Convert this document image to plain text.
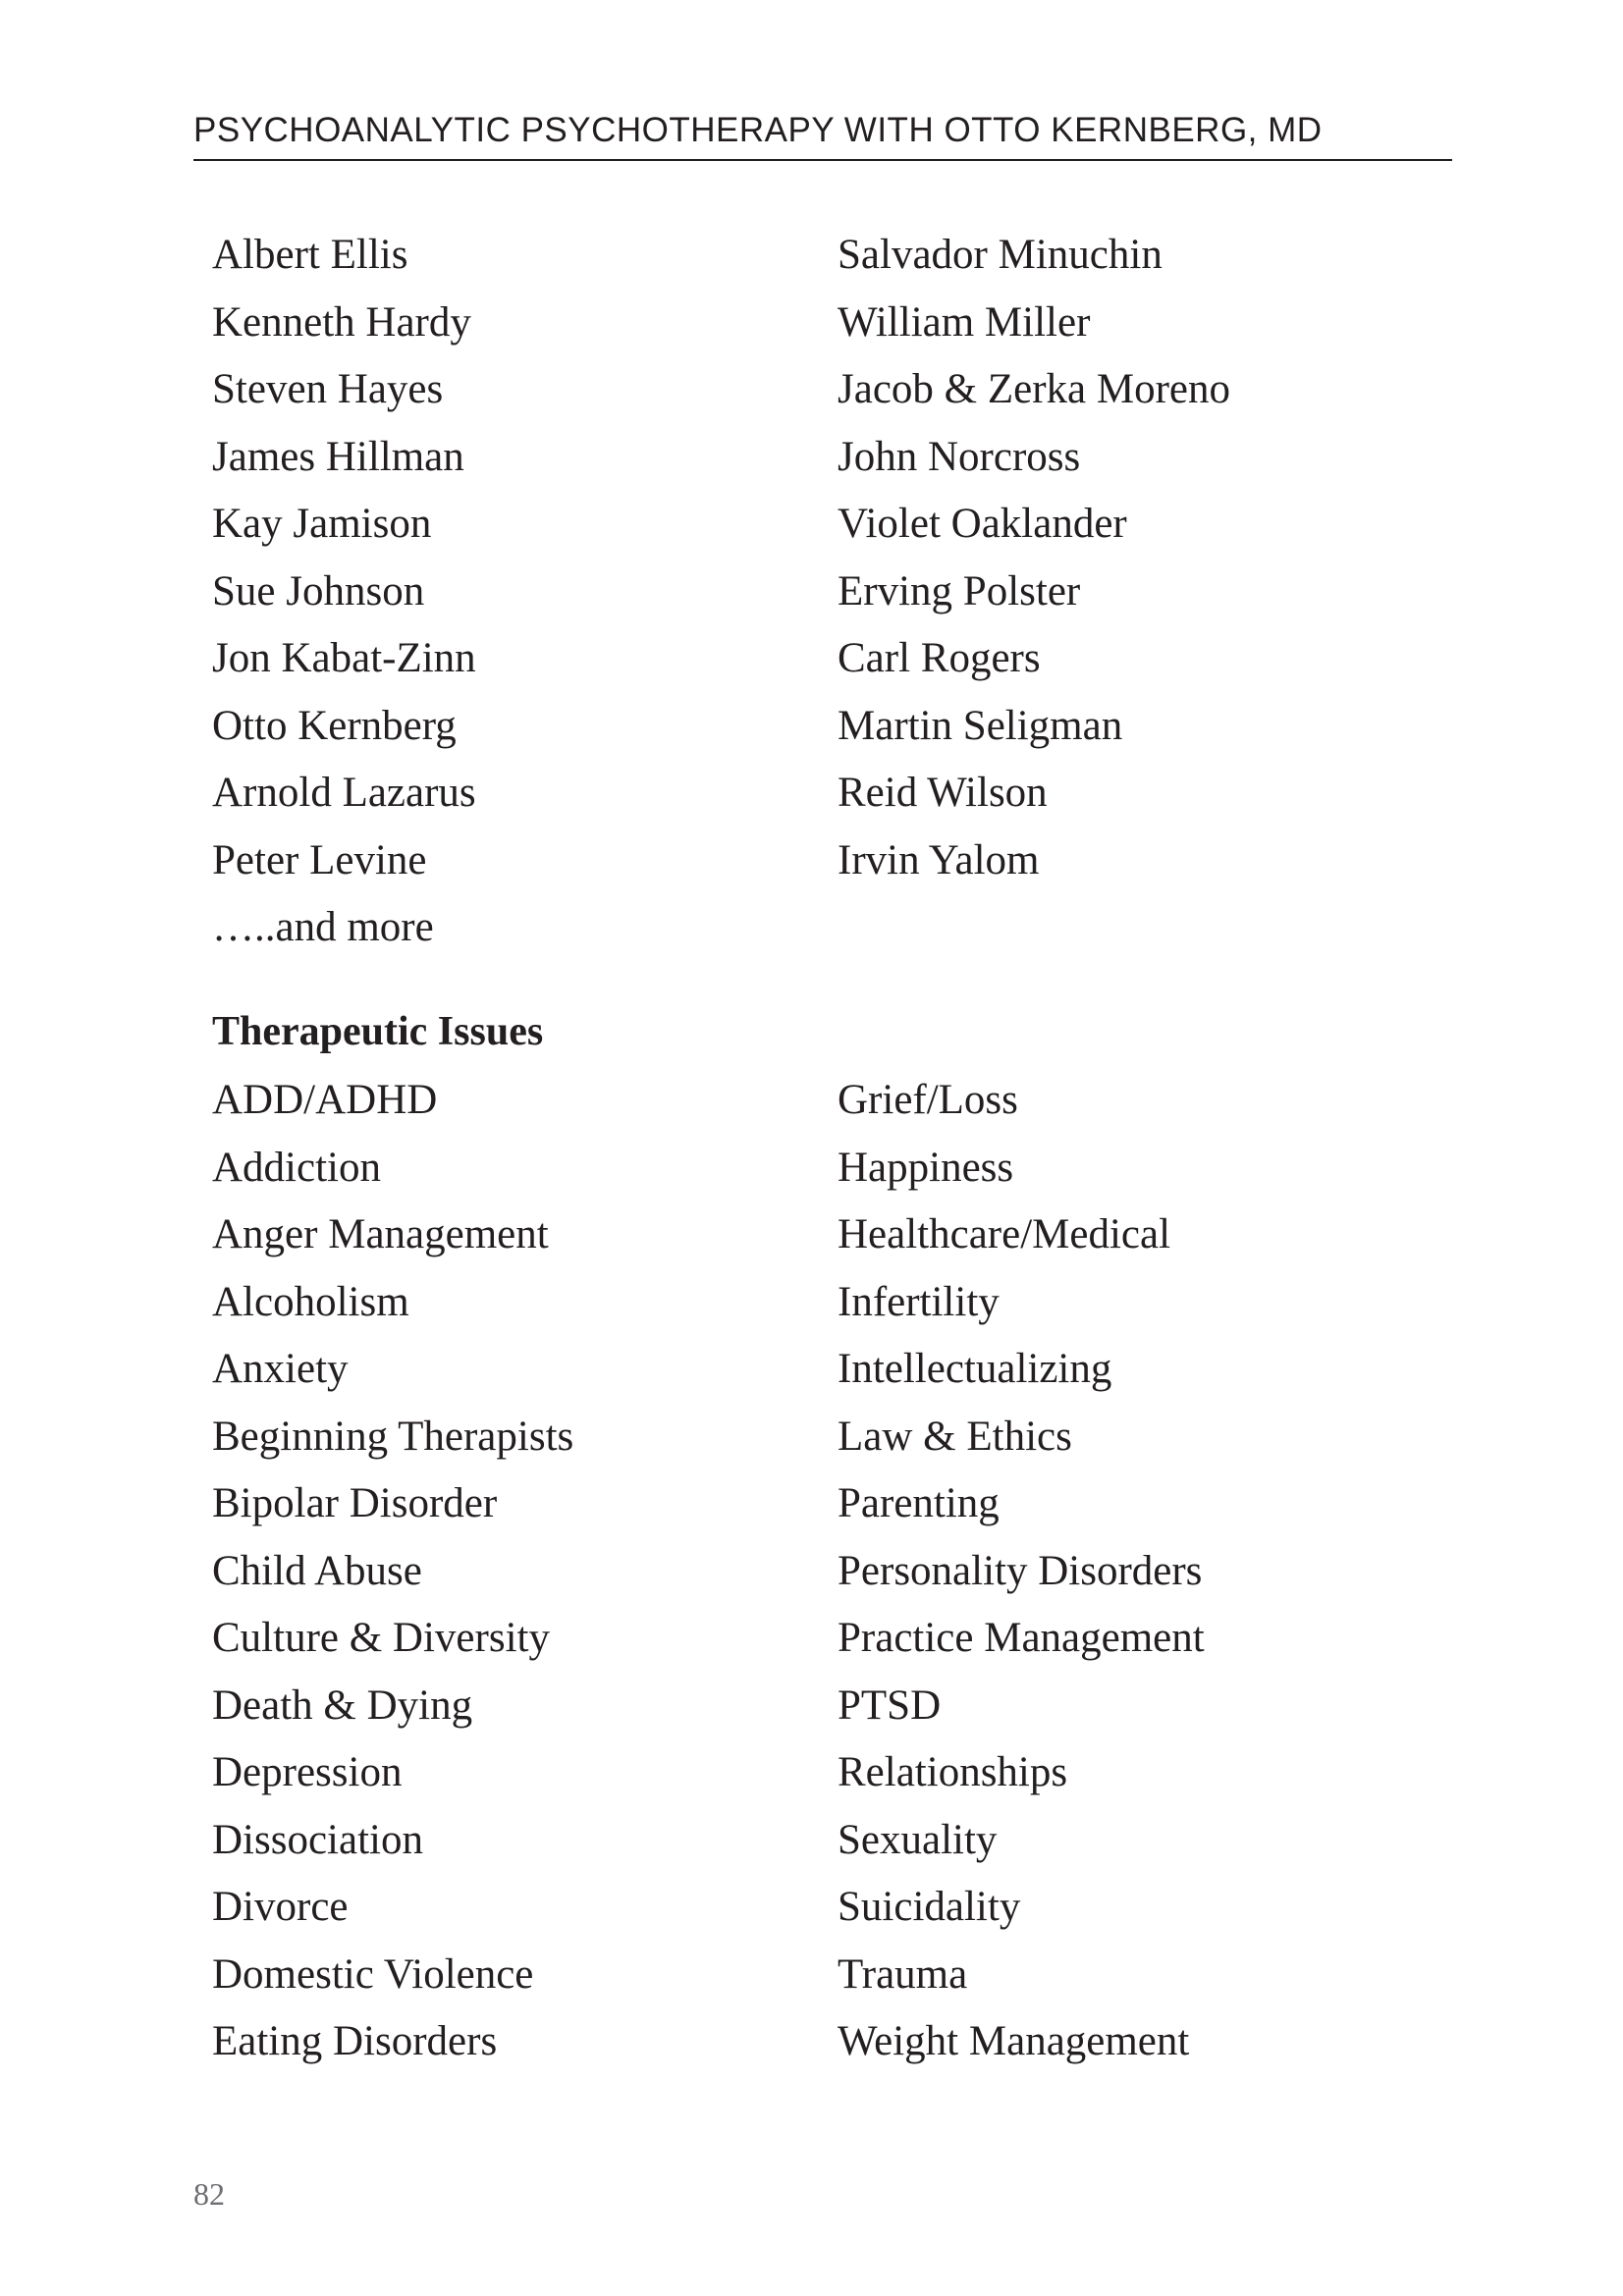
PSYCHOANALYTIC PSYCHOTHERAPY WITH OTTO KERNBERG, MD
Albert Ellis
Kenneth Hardy
Steven Hayes
James Hillman
Kay Jamison
Sue Johnson
Jon Kabat-Zinn
Otto Kernberg
Arnold Lazarus
Peter Levine
…..and more
Salvador Minuchin
William Miller
Jacob & Zerka Moreno
John Norcross
Violet Oaklander
Erving Polster
Carl Rogers
Martin Seligman
Reid Wilson
Irvin Yalom
Therapeutic Issues
ADD/ADHD
Addiction
Anger Management
Alcoholism
Anxiety
Beginning Therapists
Bipolar Disorder
Child Abuse
Culture & Diversity
Death & Dying
Depression
Dissociation
Divorce
Domestic Violence
Eating Disorders
Grief/Loss
Happiness
Healthcare/Medical
Infertility
Intellectualizing
Law & Ethics
Parenting
Personality Disorders
Practice Management
PTSD
Relationships
Sexuality
Suicidality
Trauma
Weight Management
82
